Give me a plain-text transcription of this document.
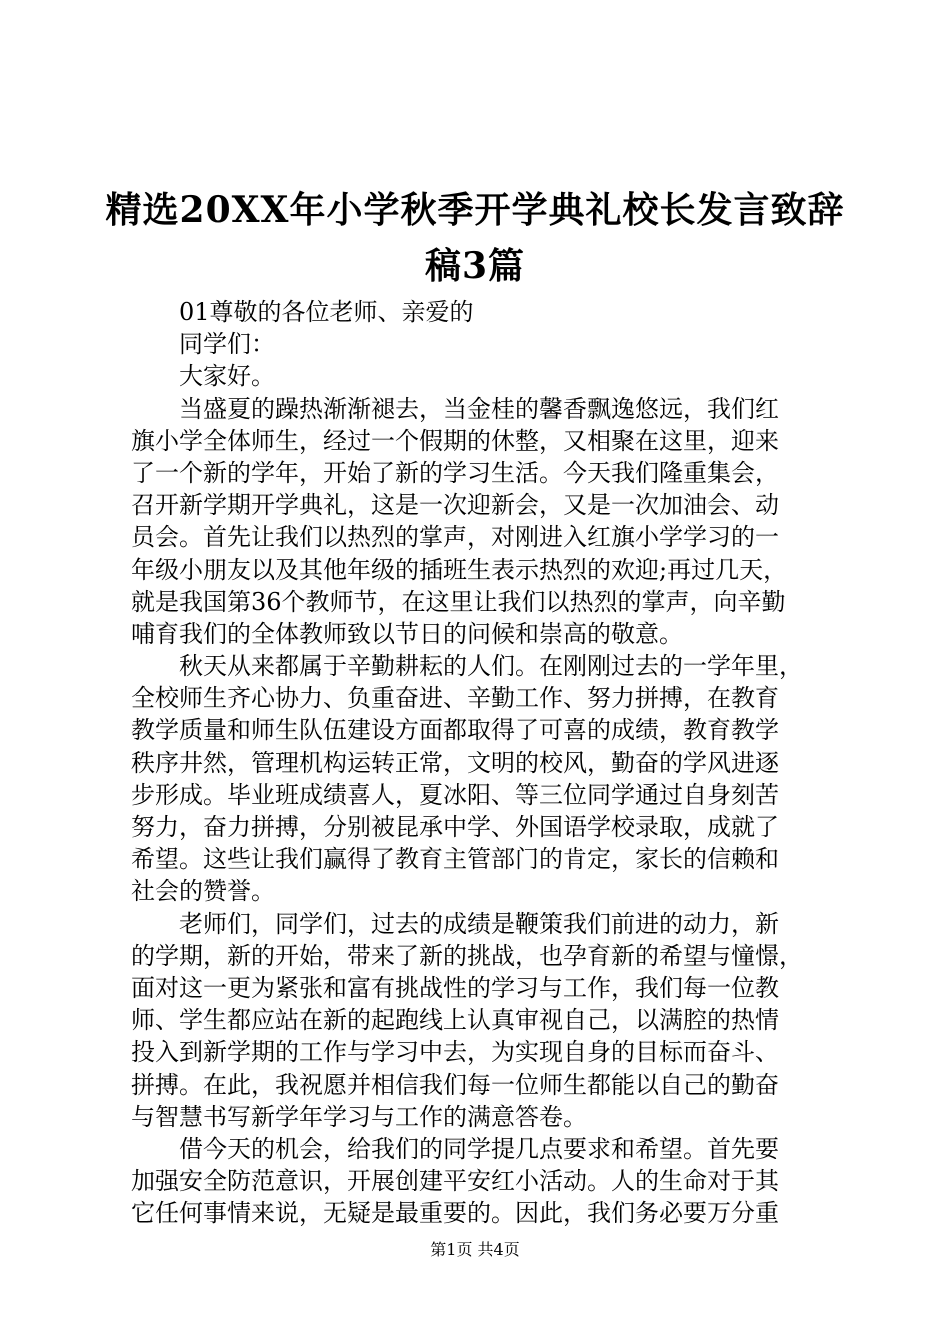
精选20XX年小学秋季开学典礼校长发言致辞
稿3篇
01尊敬的各位老师、亲爱的
同学们：
大家好。
当盛夏的躁热渐渐褪去，当金桂的馨香飘逸悠远，我们红
旗小学全体师生，经过一个假期的休整，又相聚在这里，迎来
了一个新的学年，开始了新的学习生活。今天我们隆重集会，
召开新学期开学典礼，这是一次迎新会，又是一次加油会、动
员会。首先让我们以热烈的掌声，对刚进入红旗小学学习的一
年级小朋友以及其他年级的插班生表示热烈的欢迎;再过几天，
就是我国第36个教师节，在这里让我们以热烈的掌声，向辛勤
哺育我们的全体教师致以节日的问候和崇高的敬意。
秋天从来都属于辛勤耕耘的人们。在刚刚过去的一学年里，
全校师生齐心协力、负重奋进、辛勤工作、努力拼搏，在教育
教学质量和师生队伍建设方面都取得了可喜的成绩，教育教学
秩序井然，管理机构运转正常，文明的校风，勤奋的学风进逐
步形成。毕业班成绩喜人，夏冰阳、等三位同学通过自身刻苦
努力，奋力拼搏，分别被昆承中学、外国语学校录取，成就了
希望。这些让我们赢得了教育主管部门的肯定，家长的信赖和
社会的赞誉。
老师们，同学们，过去的成绩是鞭策我们前进的动力，新
的学期，新的开始，带来了新的挑战，也孕育新的希望与憧憬，
面对这一更为紧张和富有挑战性的学习与工作，我们每一位教
师、学生都应站在新的起跑线上认真审视自己，以满腔的热情
投入到新学期的工作与学习中去，为实现自身的目标而奋斗、
拼搏。在此，我祝愿并相信我们每一位师生都能以自己的勤奋
与智慧书写新学年学习与工作的满意答卷。
借今天的机会，给我们的同学提几点要求和希望。首先要
加强安全防范意识，开展创建平安红小活动。人的生命对于其
它任何事情来说，无疑是最重要的。因此，我们务必要万分重
第1页 共4页
